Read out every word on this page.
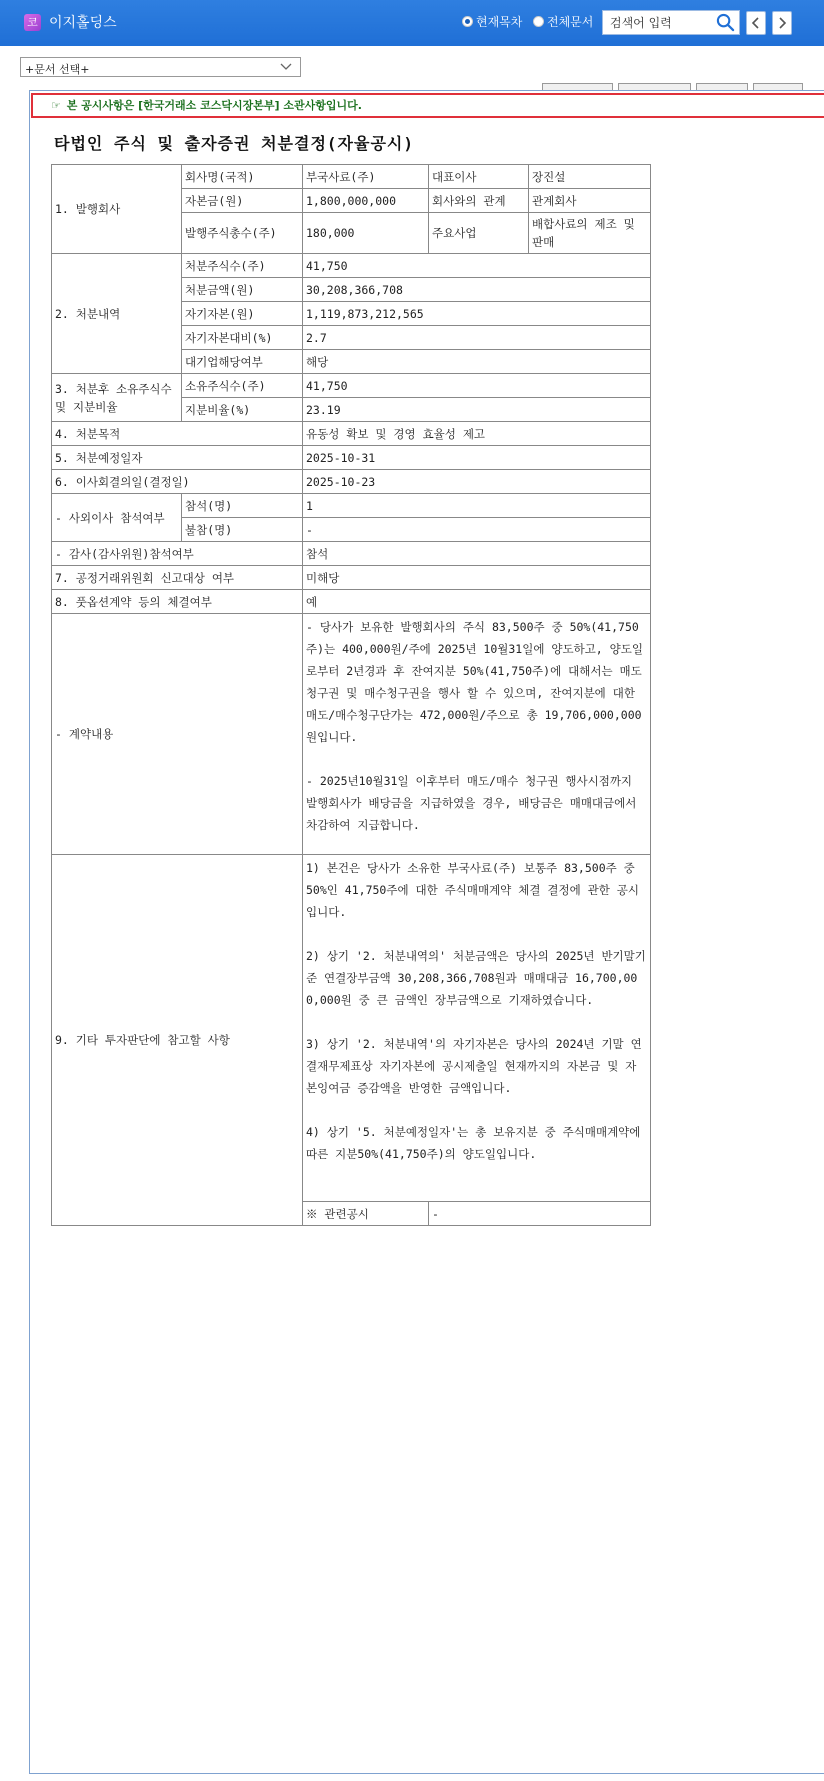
코 이지홀딩스	현재목차 전체문서
검색어 입력
+문서 선택+
☞ 본 공시사항은 [한국거래소 코스닥시장본부] 소관사항입니다.
타법인 주식 및 출자증권 처분결정(자율공시)
1. 발행회사	회사명(국적)	부국사료(주)	대표이사	장진설
	자본금(원)	1,800,000,000	회사와의 관계	관계회사
	발행주식총수(주)	180,000	주요사업	배합사료의 제조 및 판매
2. 처분내역	처분주식수(주)	41,750		
	처분금액(원)	30,208,366,708		
	자기자본(원)	1,119,873,212,565		
	자기자본대비(%)	2.7		
	대기업해당여부	해당		
3. 처분후 소유주식수 및 지분비율	소유주식수(주)	41,750		
	지분비율(%)	23.19		
4. 처분목적		유동성 확보 및 경영 효율성 제고		
5. 처분예정일자		2025-10-31		
6. 이사회결의일(결정일)		2025-10-23		
- 사외이사 참석여부	참석(명)	1		
	불참(명)	-		
- 감사(감사위원)참석여부		참석		
7. 공정거래위원회 신고대상 여부		미해당		
8. 풋옵션계약 등의 체결여부		예		
- 계약내용		- 당사가 보유한 발행회사의 주식 83,500주 중 50%(41,750주)는 400,000원/주에 2025년 10월31일에 양도하고, 양도일로부터 2년경과 후 잔여지분 50%(41,750주)에 대해서는 매도청구권 및 매수청구권을 행사 할 수 있으며, 잔여지분에 대한 매도/매수청구단가는 472,000원/주으로 총 19,706,000,000원입니다.
- 2025년10월31일 이후부터 매도/매수 청구권 행사시점까지 발행회사가 배당금을 지급하였을 경우, 배당금은 매매대금에서 차감하여 지급합니다.		

9. 기타 투자판단에 참고할 사항		1) 본건은 당사가 소유한 부국사료(주) 보통주 83,500주 중 50%인 41,750주에 대한 주식매매계약 체결 결정에 관한 공시입니다.
2) 상기 '2. 처분내역의' 처분금액은 당사의 2025년 반기말기준 연결장부금액 30,208,366,708원과 매매대금 16,700,000,000원 중 큰 금액인 장부금액으로 기재하였습니다.
3) 상기 '2. 처분내역'의 자기자본은 당사의 2024년 기말 연결재무제표상 자기자본에 공시제출일 현재까지의 자본금 및 자본잉여금 증감액을 반영한 금액입니다.
4) 상기 '5. 처분예정일자'는 총 보유지분 중 주식매매계약에따른 지분50%(41,750주)의 양도일입니다.		

		※ 관련공시	-	
